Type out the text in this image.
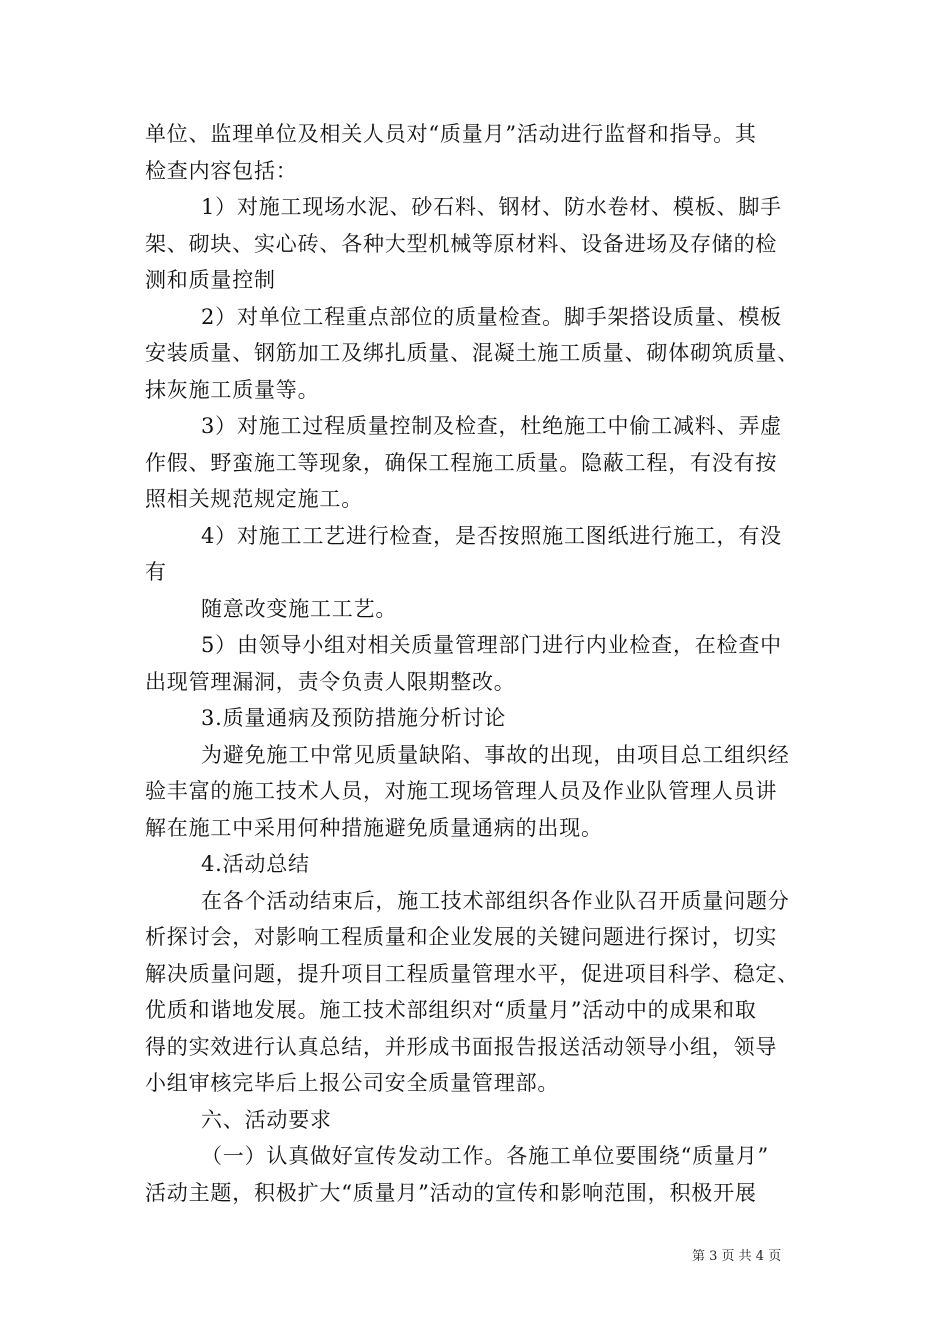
单位、监理单位及相关人员对“质量月”活动进行监督和指导。其
检查内容包括：
1）对施工现场水泥、砂石料、钢材、防水卷材、模板、脚手
架、砌块、实心砖、各种大型机械等原材料、设备进场及存储的检
测和质量控制
2）对单位工程重点部位的质量检查。脚手架搭设质量、模板
安装质量、钢筋加工及绑扎质量、混凝土施工质量、砌体砌筑质量、
抹灰施工质量等。
3）对施工过程质量控制及检查，杜绝施工中偷工减料、弄虚
作假、野蛮施工等现象，确保工程施工质量。隐蔽工程，有没有按
照相关规范规定施工。
4）对施工工艺进行检查，是否按照施工图纸进行施工，有没
有
随意改变施工工艺。
5）由领导小组对相关质量管理部门进行内业检查，在检查中
出现管理漏洞，责令负责人限期整改。
3.质量通病及预防措施分析讨论
为避免施工中常见质量缺陷、事故的出现，由项目总工组织经
验丰富的施工技术人员，对施工现场管理人员及作业队管理人员讲
解在施工中采用何种措施避免质量通病的出现。
4.活动总结
在各个活动结束后，施工技术部组织各作业队召开质量问题分
析探讨会，对影响工程质量和企业发展的关键问题进行探讨，切实
解决质量问题，提升项目工程质量管理水平，促进项目科学、稳定、
优质和谐地发展。施工技术部组织对“质量月”活动中的成果和取
得的实效进行认真总结，并形成书面报告报送活动领导小组，领导
小组审核完毕后上报公司安全质量管理部。
六、活动要求
（一）认真做好宣传发动工作。各施工单位要围绕“质量月”
活动主题，积极扩大“质量月”活动的宣传和影响范围，积极开展
第 3 页 共 4 页
